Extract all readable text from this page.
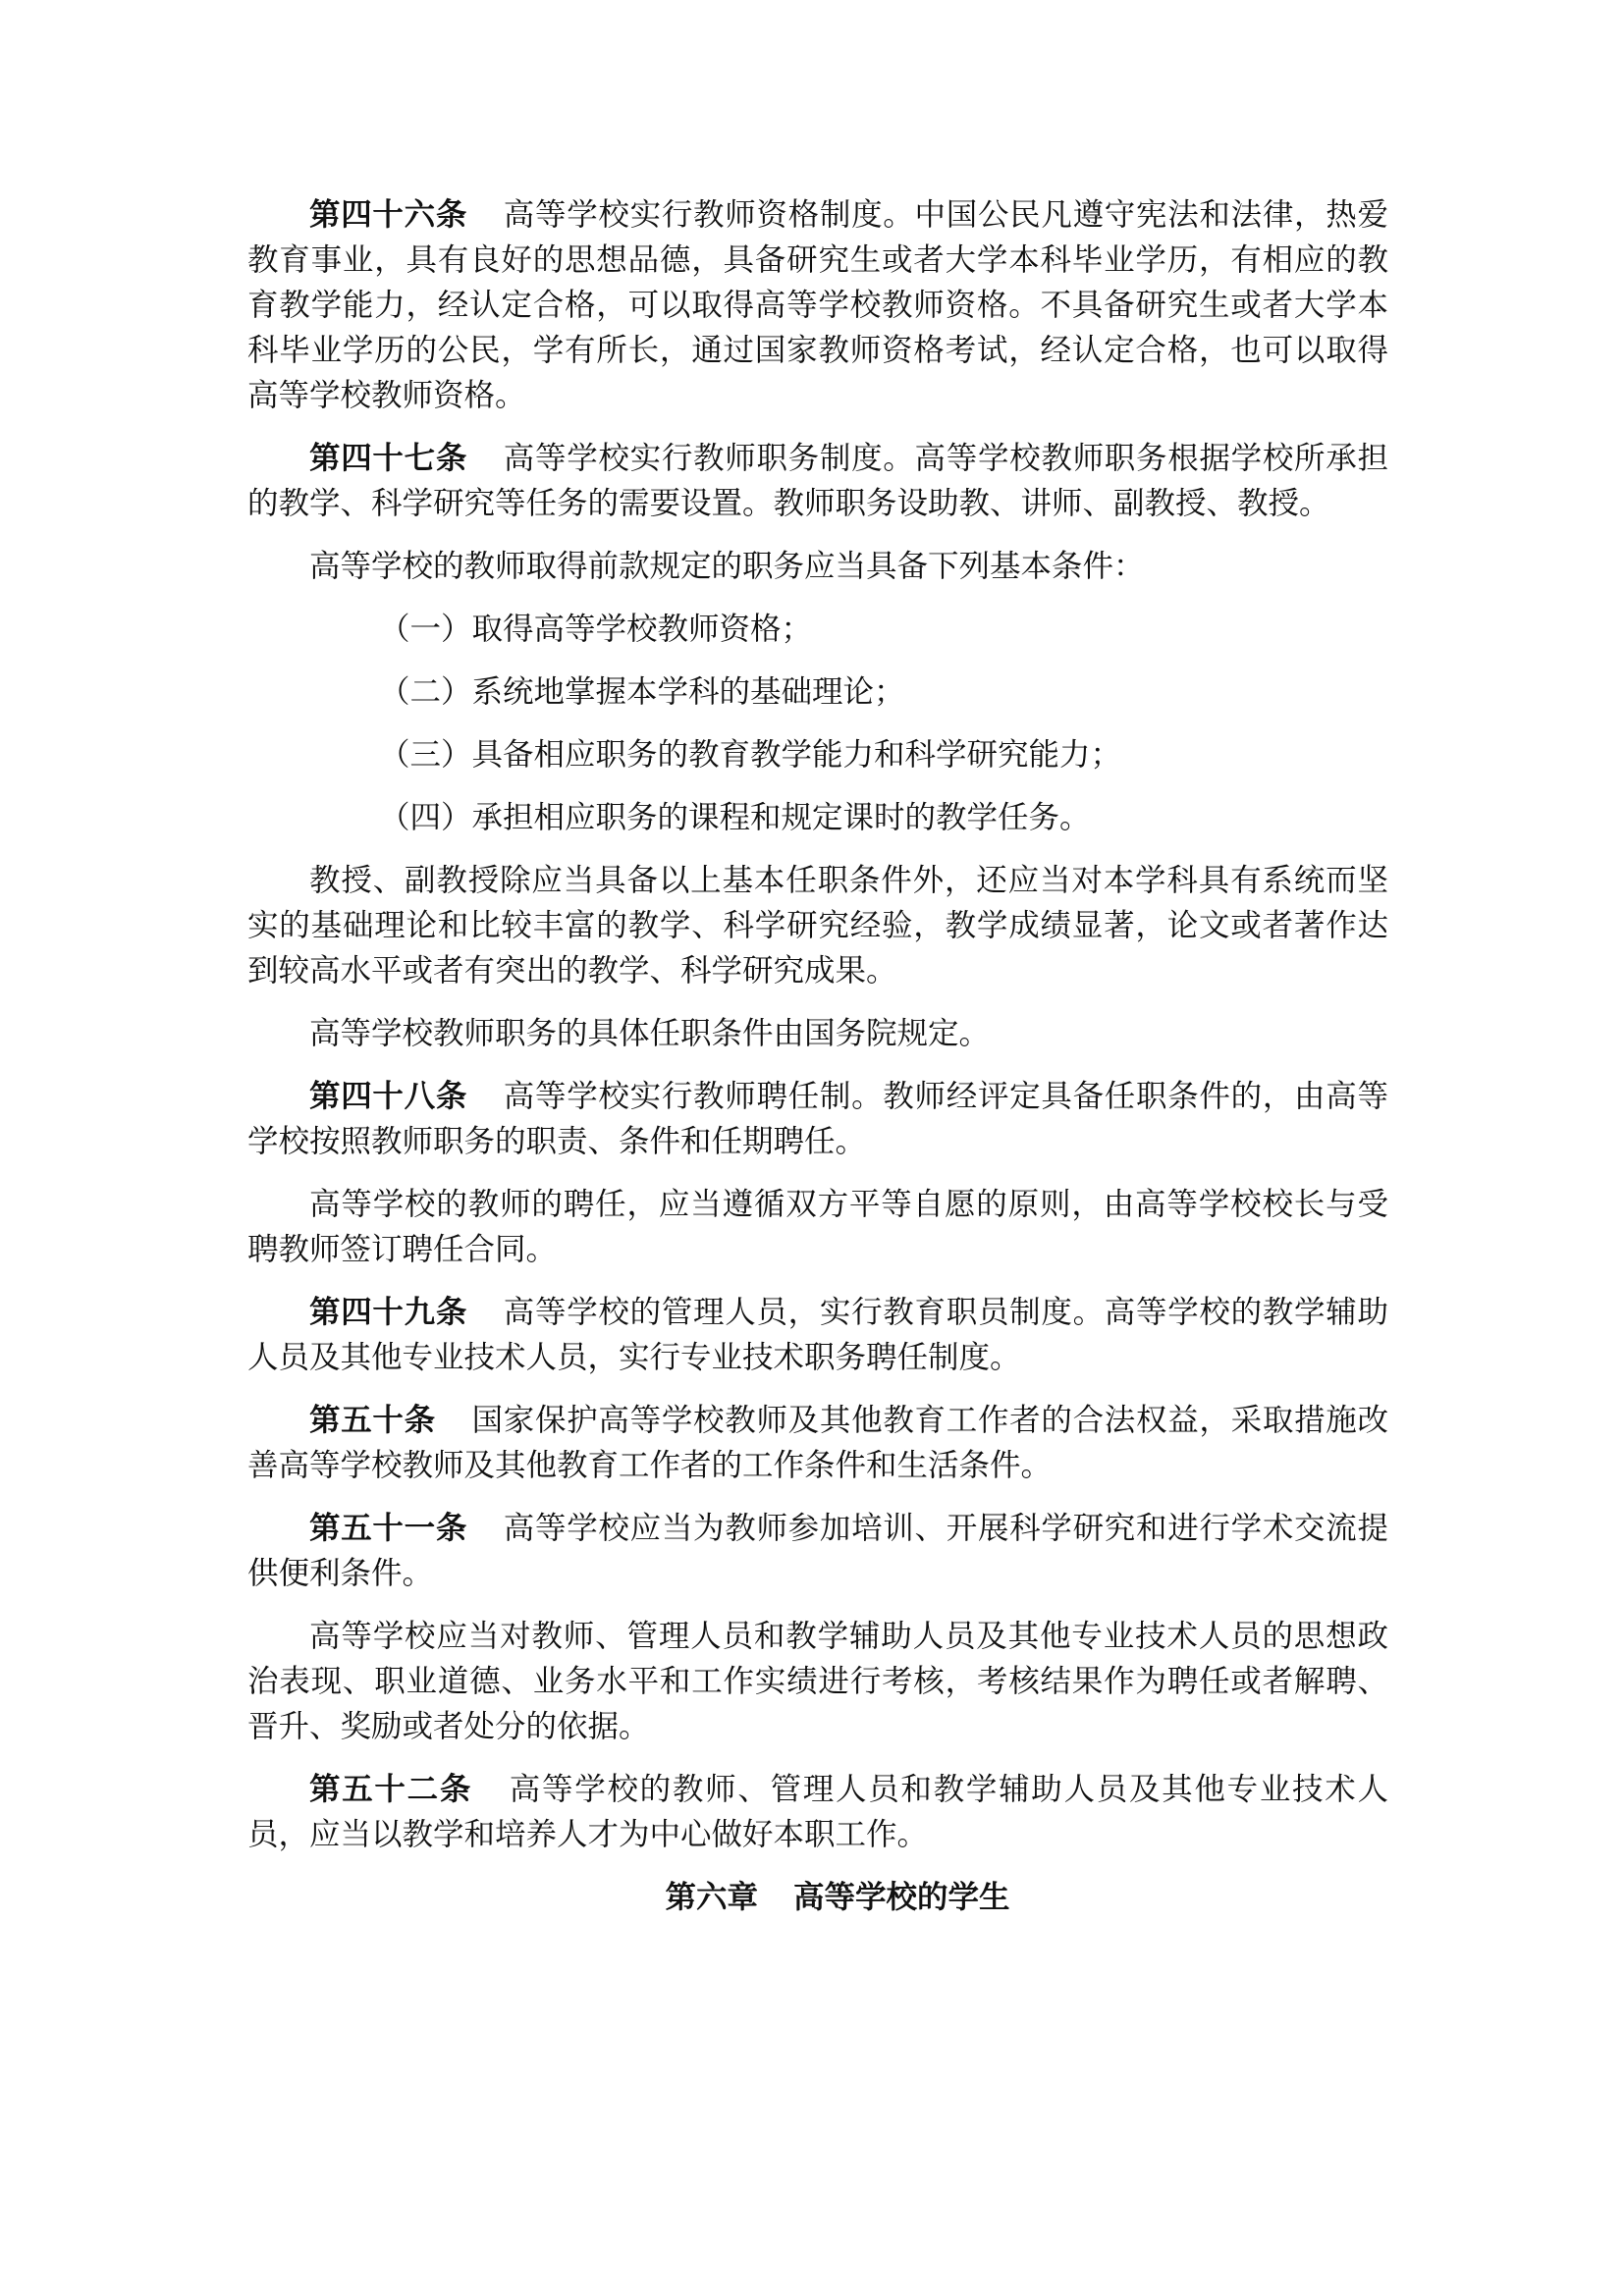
第四十六条 高等学校实行教师资格制度。中国公民凡遵守宪法和法律，热爱教育事业，具有良好的思想品德，具备研究生或者大学本科毕业学历，有相应的教育教学能力，经认定合格，可以取得高等学校教师资格。不具备研究生或者大学本科毕业学历的公民，学有所长，通过国家教师资格考试，经认定合格，也可以取得高等学校教师资格。

第四十七条 高等学校实行教师职务制度。高等学校教师职务根据学校所承担的教学、科学研究等任务的需要设置。教师职务设助教、讲师、副教授、教授。

高等学校的教师取得前款规定的职务应当具备下列基本条件：

（一）取得高等学校教师资格；

（二）系统地掌握本学科的基础理论；

（三）具备相应职务的教育教学能力和科学研究能力；

（四）承担相应职务的课程和规定课时的教学任务。

教授、副教授除应当具备以上基本任职条件外，还应当对本学科具有系统而坚实的基础理论和比较丰富的教学、科学研究经验，教学成绩显著，论文或者著作达到较高水平或者有突出的教学、科学研究成果。

高等学校教师职务的具体任职条件由国务院规定。

第四十八条 高等学校实行教师聘任制。教师经评定具备任职条件的，由高等学校按照教师职务的职责、条件和任期聘任。

高等学校的教师的聘任，应当遵循双方平等自愿的原则，由高等学校校长与受聘教师签订聘任合同。

第四十九条 高等学校的管理人员，实行教育职员制度。高等学校的教学辅助人员及其他专业技术人员，实行专业技术职务聘任制度。

第五十条 国家保护高等学校教师及其他教育工作者的合法权益，采取措施改善高等学校教师及其他教育工作者的工作条件和生活条件。

第五十一条 高等学校应当为教师参加培训、开展科学研究和进行学术交流提供便利条件。

高等学校应当对教师、管理人员和教学辅助人员及其他专业技术人员的思想政治表现、职业道德、业务水平和工作实绩进行考核，考核结果作为聘任或者解聘、晋升、奖励或者处分的依据。

第五十二条 高等学校的教师、管理人员和教学辅助人员及其他专业技术人员，应当以教学和培养人才为中心做好本职工作。

第六章 高等学校的学生
